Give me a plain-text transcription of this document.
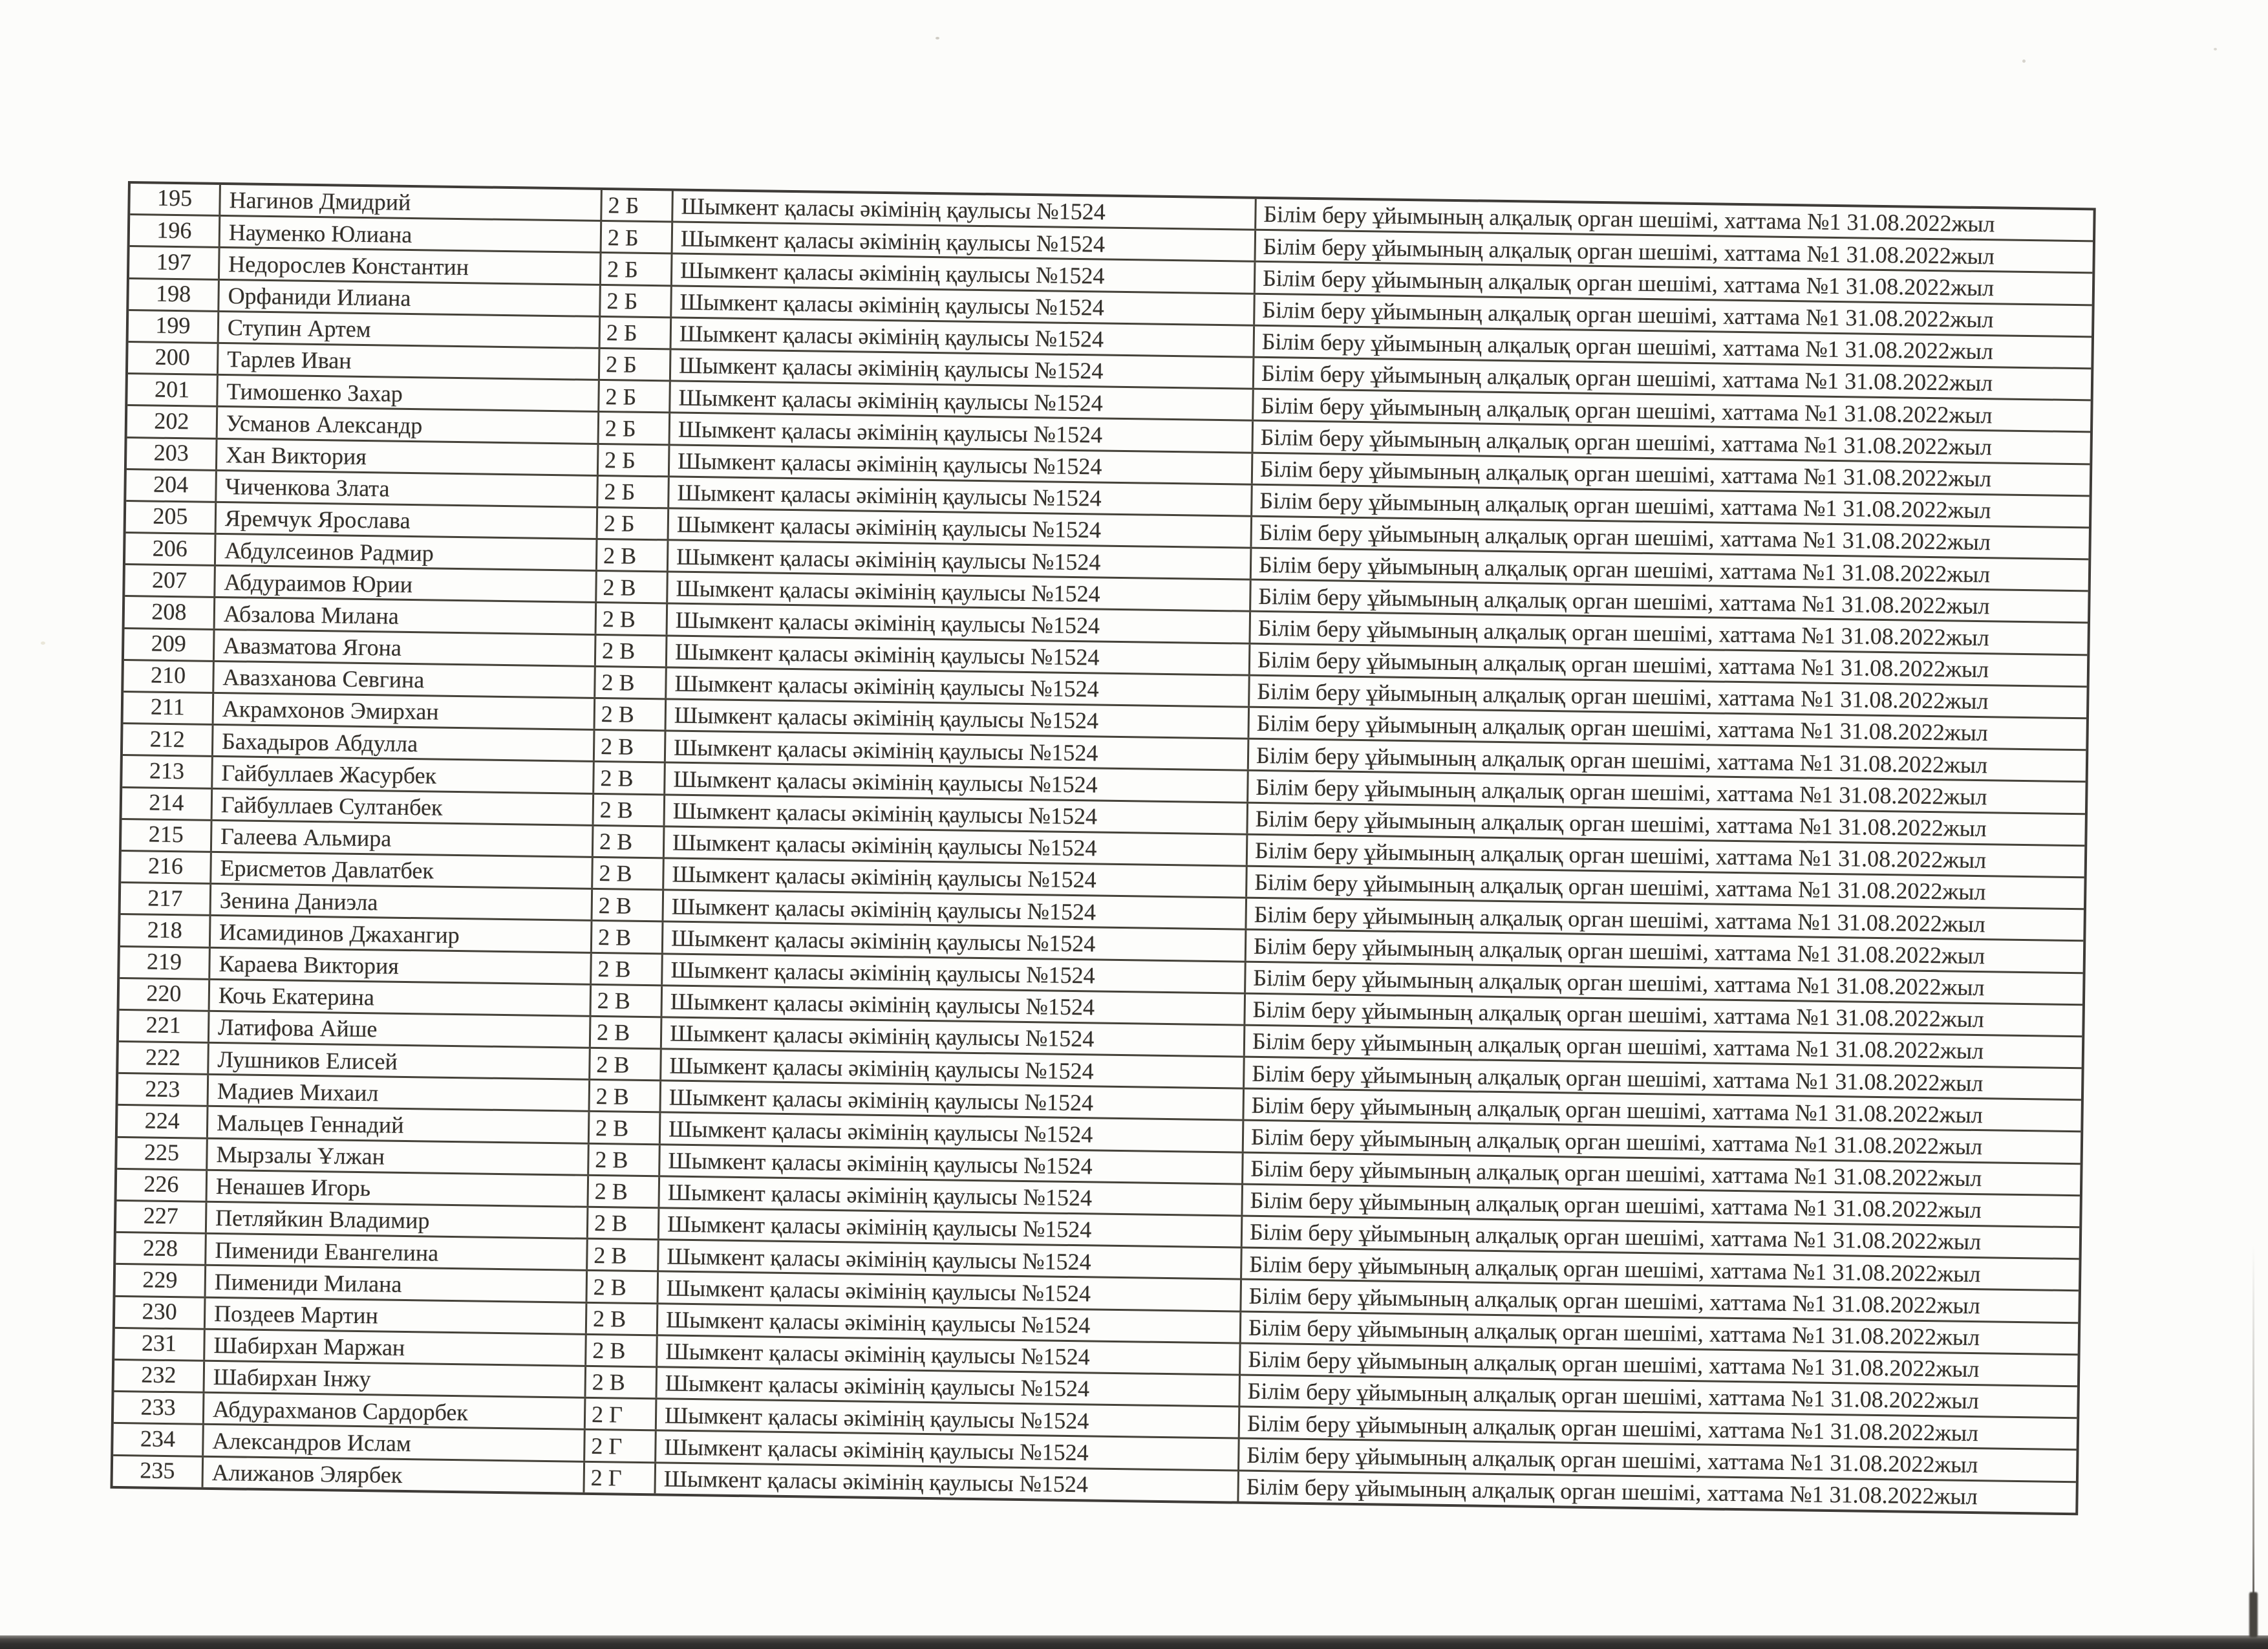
195	Нагинов Дмидрий	2 Б	Шымкент қаласы әкімінің қаулысы №1524	Білім беру ұйымының алқалық орган шешімі, хаттама №1 31.08.2022жыл
196	Науменко Юлиана	2 Б	Шымкент қаласы әкімінің қаулысы №1524	Білім беру ұйымының алқалық орган шешімі, хаттама №1 31.08.2022жыл
197	Недорослев Константин	2 Б	Шымкент қаласы әкімінің қаулысы №1524	Білім беру ұйымының алқалық орган шешімі, хаттама №1 31.08.2022жыл
198	Орфаниди Илиана	2 Б	Шымкент қаласы әкімінің қаулысы №1524	Білім беру ұйымының алқалық орган шешімі, хаттама №1 31.08.2022жыл
199	Ступин Артем	2 Б	Шымкент қаласы әкімінің қаулысы №1524	Білім беру ұйымының алқалық орган шешімі, хаттама №1 31.08.2022жыл
200	Тарлев Иван	2 Б	Шымкент қаласы әкімінің қаулысы №1524	Білім беру ұйымының алқалық орган шешімі, хаттама №1 31.08.2022жыл
201	Тимошенко Захар	2 Б	Шымкент қаласы әкімінің қаулысы №1524	Білім беру ұйымының алқалық орган шешімі, хаттама №1 31.08.2022жыл
202	Усманов Александр	2 Б	Шымкент қаласы әкімінің қаулысы №1524	Білім беру ұйымының алқалық орган шешімі, хаттама №1 31.08.2022жыл
203	Хан Виктория	2 Б	Шымкент қаласы әкімінің қаулысы №1524	Білім беру ұйымының алқалық орган шешімі, хаттама №1 31.08.2022жыл
204	Чиченкова Злата	2 Б	Шымкент қаласы әкімінің қаулысы №1524	Білім беру ұйымының алқалық орган шешімі, хаттама №1 31.08.2022жыл
205	Яремчук Ярослава	2 Б	Шымкент қаласы әкімінің қаулысы №1524	Білім беру ұйымының алқалық орган шешімі, хаттама №1 31.08.2022жыл
206	Абдулсеинов Радмир	2 В	Шымкент қаласы әкімінің қаулысы №1524	Білім беру ұйымының алқалық орган шешімі, хаттама №1 31.08.2022жыл
207	Абдураимов Юрии	2 В	Шымкент қаласы әкімінің қаулысы №1524	Білім беру ұйымының алқалық орган шешімі, хаттама №1 31.08.2022жыл
208	Абзалова Милана	2 В	Шымкент қаласы әкімінің қаулысы №1524	Білім беру ұйымының алқалық орган шешімі, хаттама №1 31.08.2022жыл
209	Авазматова Ягона	2 В	Шымкент қаласы әкімінің қаулысы №1524	Білім беру ұйымының алқалық орган шешімі, хаттама №1 31.08.2022жыл
210	Авазханова Севгина	2 В	Шымкент қаласы әкімінің қаулысы №1524	Білім беру ұйымының алқалық орган шешімі, хаттама №1 31.08.2022жыл
211	Акрамхонов Эмирхан	2 В	Шымкент қаласы әкімінің қаулысы №1524	Білім беру ұйымының алқалық орган шешімі, хаттама №1 31.08.2022жыл
212	Бахадыров Абдулла	2 В	Шымкент қаласы әкімінің қаулысы №1524	Білім беру ұйымының алқалық орган шешімі, хаттама №1 31.08.2022жыл
213	Гайбуллаев Жасурбек	2 В	Шымкент қаласы әкімінің қаулысы №1524	Білім беру ұйымының алқалық орган шешімі, хаттама №1 31.08.2022жыл
214	Гайбуллаев Султанбек	2 В	Шымкент қаласы әкімінің қаулысы №1524	Білім беру ұйымының алқалық орган шешімі, хаттама №1 31.08.2022жыл
215	Галеева Альмира	2 В	Шымкент қаласы әкімінің қаулысы №1524	Білім беру ұйымының алқалық орган шешімі, хаттама №1 31.08.2022жыл
216	Ерисметов Давлатбек	2 В	Шымкент қаласы әкімінің қаулысы №1524	Білім беру ұйымының алқалық орган шешімі, хаттама №1 31.08.2022жыл
217	Зенина Даниэла	2 В	Шымкент қаласы әкімінің қаулысы №1524	Білім беру ұйымының алқалық орган шешімі, хаттама №1 31.08.2022жыл
218	Исамидинов Джахангир	2 В	Шымкент қаласы әкімінің қаулысы №1524	Білім беру ұйымының алқалық орган шешімі, хаттама №1 31.08.2022жыл
219	Караева Виктория	2 В	Шымкент қаласы әкімінің қаулысы №1524	Білім беру ұйымының алқалық орган шешімі, хаттама №1 31.08.2022жыл
220	Кочь Екатерина	2 В	Шымкент қаласы әкімінің қаулысы №1524	Білім беру ұйымының алқалық орган шешімі, хаттама №1 31.08.2022жыл
221	Латифова Айше	2 В	Шымкент қаласы әкімінің қаулысы №1524	Білім беру ұйымының алқалық орган шешімі, хаттама №1 31.08.2022жыл
222	Лушников Елисей	2 В	Шымкент қаласы әкімінің қаулысы №1524	Білім беру ұйымының алқалық орган шешімі, хаттама №1 31.08.2022жыл
223	Мадиев Михаил	2 В	Шымкент қаласы әкімінің қаулысы №1524	Білім беру ұйымының алқалық орган шешімі, хаттама №1 31.08.2022жыл
224	Мальцев Геннадий	2 В	Шымкент қаласы әкімінің қаулысы №1524	Білім беру ұйымының алқалық орган шешімі, хаттама №1 31.08.2022жыл
225	Мырзалы Ұлжан	2 В	Шымкент қаласы әкімінің қаулысы №1524	Білім беру ұйымының алқалық орган шешімі, хаттама №1 31.08.2022жыл
226	Ненашев Игорь	2 В	Шымкент қаласы әкімінің қаулысы №1524	Білім беру ұйымының алқалық орган шешімі, хаттама №1 31.08.2022жыл
227	Петляйкин Владимир	2 В	Шымкент қаласы әкімінің қаулысы №1524	Білім беру ұйымының алқалық орган шешімі, хаттама №1 31.08.2022жыл
228	Пимениди Евангелина	2 В	Шымкент қаласы әкімінің қаулысы №1524	Білім беру ұйымының алқалық орган шешімі, хаттама №1 31.08.2022жыл
229	Пимениди Милана	2 В	Шымкент қаласы әкімінің қаулысы №1524	Білім беру ұйымының алқалық орган шешімі, хаттама №1 31.08.2022жыл
230	Поздеев Мартин	2 В	Шымкент қаласы әкімінің қаулысы №1524	Білім беру ұйымының алқалық орган шешімі, хаттама №1 31.08.2022жыл
231	Шабирхан Маржан	2 В	Шымкент қаласы әкімінің қаулысы №1524	Білім беру ұйымының алқалық орган шешімі, хаттама №1 31.08.2022жыл
232	Шабирхан Інжу	2 В	Шымкент қаласы әкімінің қаулысы №1524	Білім беру ұйымының алқалық орган шешімі, хаттама №1 31.08.2022жыл
233	Абдурахманов Сардорбек	2 Г	Шымкент қаласы әкімінің қаулысы №1524	Білім беру ұйымының алқалық орган шешімі, хаттама №1 31.08.2022жыл
234	Александров Ислам	2 Г	Шымкент қаласы әкімінің қаулысы №1524	Білім беру ұйымының алқалық орган шешімі, хаттама №1 31.08.2022жыл
235	Алижанов Элярбек	2 Г	Шымкент қаласы әкімінің қаулысы №1524	Білім беру ұйымының алқалық орган шешімі, хаттама №1 31.08.2022жыл
